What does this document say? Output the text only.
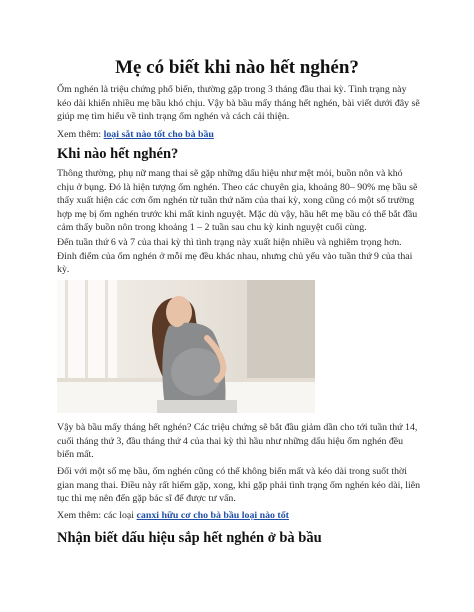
Mẹ có biết khi nào hết nghén?

Ốm nghén là triệu chứng phổ biến, thường gặp trong 3 tháng đầu thai kỳ. Tình trạng này kéo dài khiến nhiều mẹ bầu khó chịu. Vậy bà bầu mấy tháng hết nghén, bài viết dưới đây sẽ giúp mẹ tìm hiểu về tình trạng ốm nghén và cách cải thiện.

Xem thêm: loại sắt nào tốt cho bà bầu

Khi nào hết nghén?

Thông thường, phụ nữ mang thai sẽ gặp những dấu hiệu như mệt mỏi, buồn nôn và khó chịu ở bụng. Đó là hiện tượng ốm nghén. Theo các chuyên gia, khoảng 80– 90% mẹ bầu sẽ thấy xuất hiện các cơn ốm nghén từ tuần thứ năm của thai kỳ, xong cũng có một số trường hợp mẹ bị ốm nghén trước khi mất kinh nguyệt. Mặc dù vậy, hầu hết mẹ bầu có thể bắt đầu cảm thấy buồn nôn trong khoảng 1 – 2 tuần sau chu kỳ kinh nguyệt cuối cùng.

Đến tuần thứ 6 và 7 của thai kỳ thì tình trạng này xuất hiện nhiều và nghiêm trọng hơn. Đỉnh điểm của ốm nghén ở mỗi mẹ đều khác nhau, nhưng chủ yếu vào tuần thứ 9 của thai kỳ.

Vậy bà bầu mấy tháng hết nghén? Các triệu chứng sẽ bắt đầu giảm dần cho tới tuần thứ 14, cuối tháng thứ 3, đầu tháng thứ 4 của thai kỳ thì hầu như những dấu hiệu ốm nghén đều biến mất.

Đối với một số mẹ bầu, ốm nghén cũng có thể không biến mất và kéo dài trong suốt thời gian mang thai. Điều này rất hiếm gặp, xong, khi gặp phải tình trạng ốm nghén kéo dài, liên tục thì mẹ nên đến gặp bác sĩ để được tư vấn.

Xem thêm: các loại canxi hữu cơ cho bà bầu loại nào tốt

Nhận biết dấu hiệu sắp hết nghén ở bà bầu
